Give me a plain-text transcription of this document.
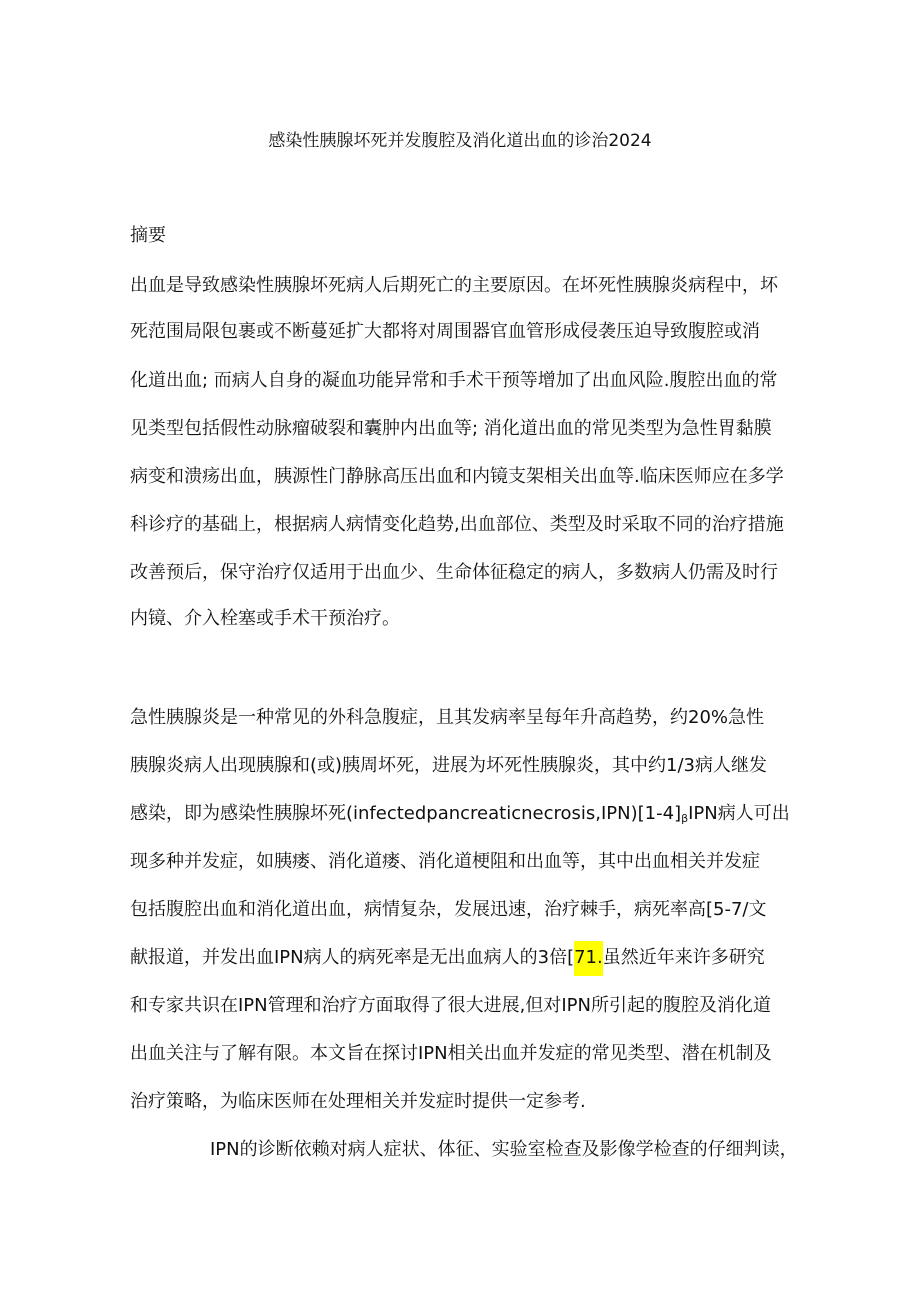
感染性胰腺坏死并发腹腔及消化道出血的诊治2024
摘要
出血是导致感染性胰腺坏死病人后期死亡的主要原因。在坏死性胰腺炎病程中，坏
死范围局限包裹或不断蔓延扩大都将对周围器官血管形成侵袭压迫导致腹腔或消
化道出血; 而病人自身的凝血功能异常和手术干预等增加了出血风险.腹腔出血的常
见类型包括假性动脉瘤破裂和囊肿内出血等; 消化道出血的常见类型为急性胃黏膜
病变和溃疡出血，胰源性门静脉高压出血和内镜支架相关出血等.临床医师应在多学
科诊疗的基础上，根据病人病情变化趋势,出血部位、类型及时采取不同的治疗措施
改善预后，保守治疗仅适用于出血少、生命体征稳定的病人，多数病人仍需及时行
内镜、介入栓塞或手术干预治疗。
急性胰腺炎是一种常见的外科急腹症，且其发病率呈每年升高趋势，约20%急性
胰腺炎病人出现胰腺和(或)胰周坏死，进展为坏死性胰腺炎，其中约1/3病人继发
感染，即为感染性胰腺坏死$(infectedpancreaticnecrosis,IPN)[1-4]_\beta IPN$病人可出
现多种并发症，如胰瘘、消化道瘘、消化道梗阻和出血等，其中出血相关并发症
包括腹腔出血和消化道出血，病情复杂，发展迅速，治疗棘手，病死率高[5-7/文
献报道，并发出血IPN病人的病死率是无出血病人的3倍[71.虽然近年来许多研究
和专家共识在IPN管理和治疗方面取得了很大进展,但对IPN所引起的腹腔及消化道
出血关注与了解有限。本文旨在探讨IPN相关出血并发症的常见类型、潜在机制及
治疗策略，为临床医师在处理相关并发症时提供一定参考.
IPN的诊断依赖对病人症状、体征、实验室检查及影像学检查的仔细判读，
